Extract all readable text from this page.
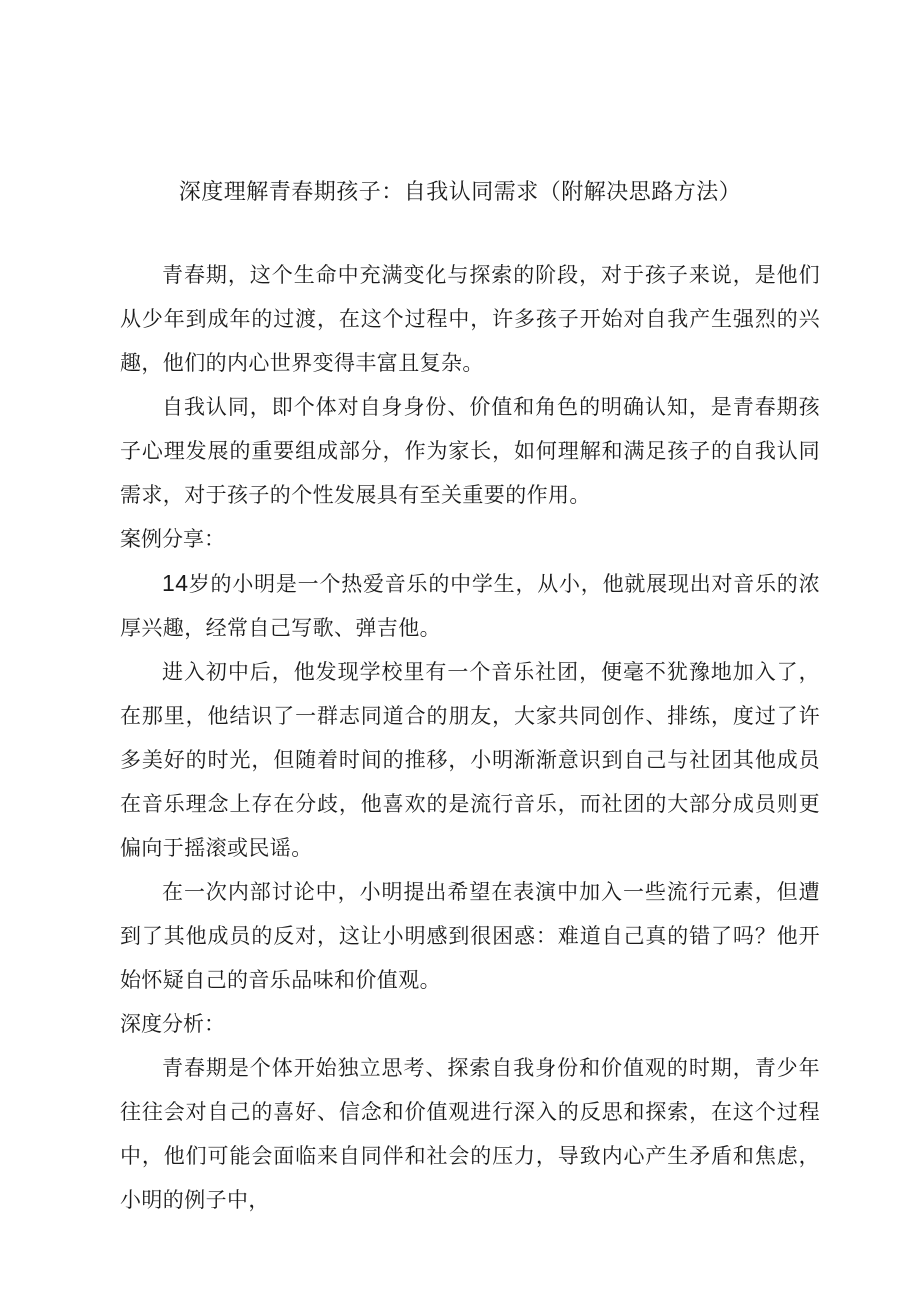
深度理解青春期孩子：自我认同需求（附解决思路方法）

青春期，这个生命中充满变化与探索的阶段，对于孩子来说，是他们从少年到成年的过渡，在这个过程中，许多孩子开始对自我产生强烈的兴趣，他们的内心世界变得丰富且复杂。

自我认同，即个体对自身身份、价值和角色的明确认知，是青春期孩子心理发展的重要组成部分，作为家长，如何理解和满足孩子的自我认同需求，对于孩子的个性发展具有至关重要的作用。

案例分享：

14岁的小明是一个热爱音乐的中学生，从小，他就展现出对音乐的浓厚兴趣，经常自己写歌、弹吉他。

进入初中后，他发现学校里有一个音乐社团，便毫不犹豫地加入了，在那里，他结识了一群志同道合的朋友，大家共同创作、排练，度过了许多美好的时光，但随着时间的推移，小明渐渐意识到自己与社团其他成员在音乐理念上存在分歧，他喜欢的是流行音乐，而社团的大部分成员则更偏向于摇滚或民谣。

在一次内部讨论中，小明提出希望在表演中加入一些流行元素，但遭到了其他成员的反对，这让小明感到很困惑：难道自己真的错了吗？他开始怀疑自己的音乐品味和价值观。

深度分析：

青春期是个体开始独立思考、探索自我身份和价值观的时期，青少年往往会对自己的喜好、信念和价值观进行深入的反思和探索，在这个过程中，他们可能会面临来自同伴和社会的压力，导致内心产生矛盾和焦虑，小明的例子中，
